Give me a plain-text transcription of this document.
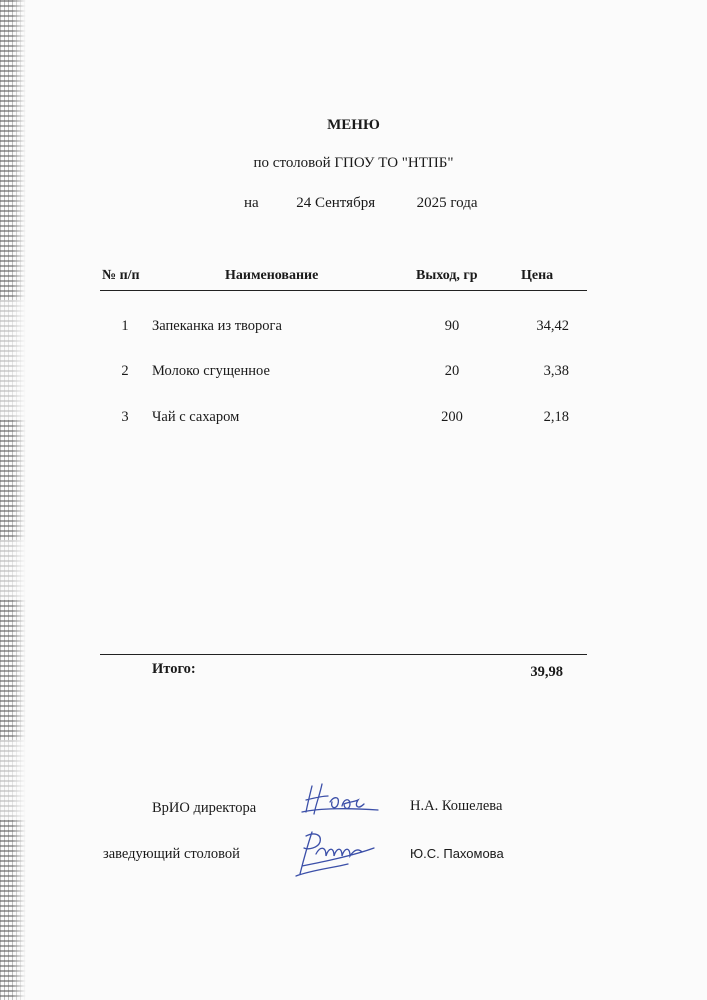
МЕНЮ
по столовой ГПОУ ТО "НТПБ"
на	24 Сентября	2025 года
№ п/п	Наименование	Выход, гр	Цена
1 Запеканка из творога	90	34,42
2 Молоко сгущенное	20	3,38
3 Чай с сахаром	200	2,18
Итого:	39,98
ВрИО директора	Н.А. Кошелева
заведующий столовой	Ю.С. Пахомова
